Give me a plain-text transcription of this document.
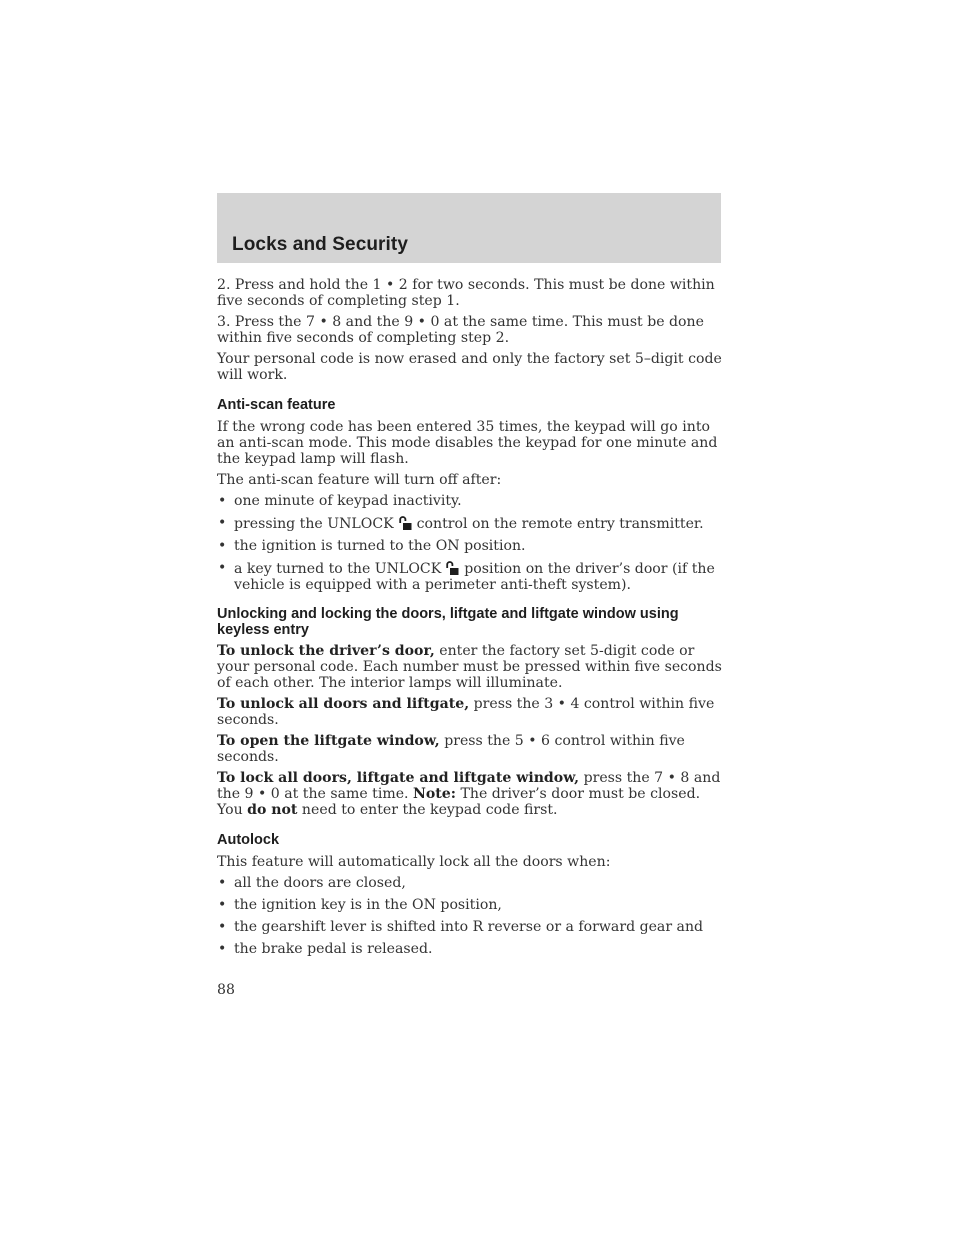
Locks and Security

2. Press and hold the 1 • 2 for two seconds. This must be done within five seconds of completing step 1.

3. Press the 7 • 8 and the 9 • 0 at the same time. This must be done within five seconds of completing step 2.

Your personal code is now erased and only the factory set 5–digit code will work.

Anti-scan feature

If the wrong code has been entered 35 times, the keypad will go into an anti-scan mode. This mode disables the keypad for one minute and the keypad lamp will flash.

The anti-scan feature will turn off after:

• one minute of keypad inactivity.
• pressing the UNLOCK control on the remote entry transmitter.
• the ignition is turned to the ON position.
• a key turned to the UNLOCK position on the driver’s door (if the vehicle is equipped with a perimeter anti-theft system).
Unlocking and locking the doors, liftgate and liftgate window using keyless entry

To unlock the driver’s door, enter the factory set 5-digit code or your personal code. Each number must be pressed within five seconds of each other. The interior lamps will illuminate.

To unlock all doors and liftgate, press the 3 • 4 control within five seconds.

To open the liftgate window, press the 5 • 6 control within five seconds.

To lock all doors, liftgate and liftgate window, press the 7 • 8 and the 9 • 0 at the same time. Note: The driver’s door must be closed. You do not need to enter the keypad code first.

Autolock

This feature will automatically lock all the doors when:

• all the doors are closed,
• the ignition key is in the ON position,
• the gearshift lever is shifted into R reverse or a forward gear and
• the brake pedal is released.
88
